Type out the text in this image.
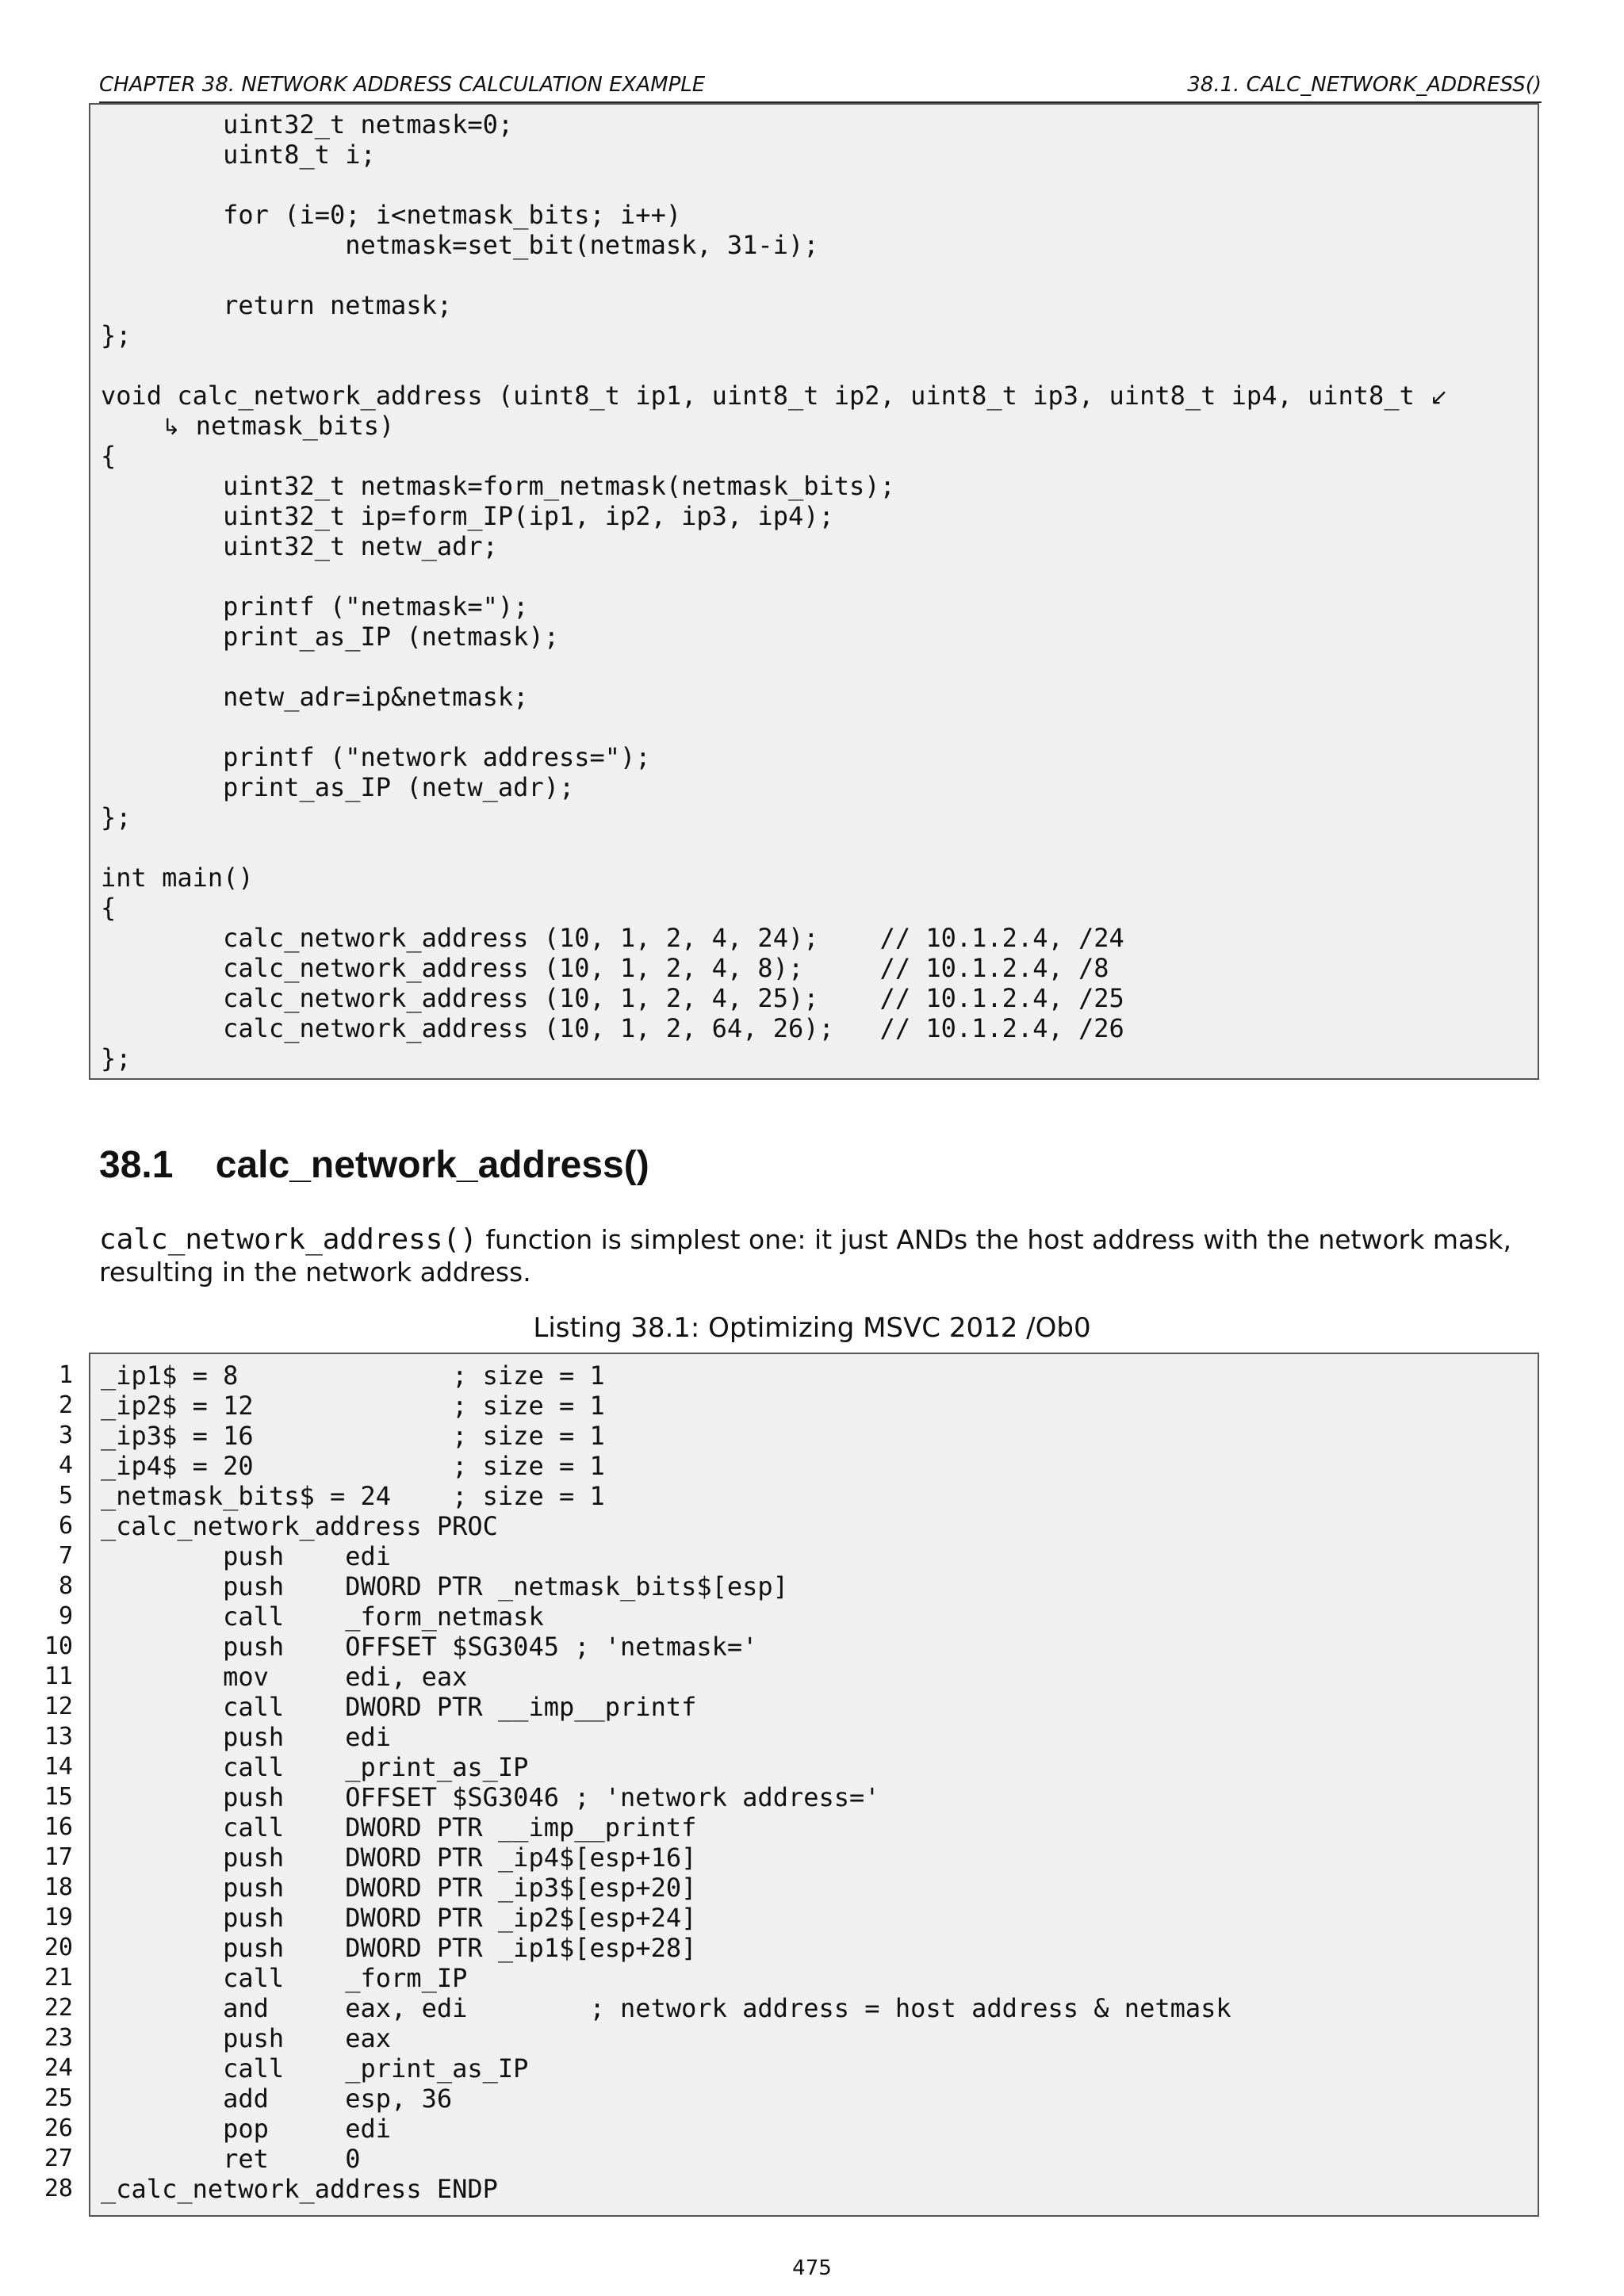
CHAPTER 38. NETWORK ADDRESS CALCULATION EXAMPLE	38.1. CALC_NETWORK_ADDRESS()
uint32_t netmask=0;
uint8_t i;
for (i=0; i<netmask_bits; i++)
netmask=set_bit(netmask, 31-i);
return netmask;
};
void calc_network_address (uint8_t ip1, uint8_t ip2, uint8_t ip3, uint8_t ip4, uint8_t ↙
↳ netmask_bits)
{
uint32_t netmask=form_netmask(netmask_bits);
uint32_t ip=form_IP(ip1, ip2, ip3, ip4);
uint32_t netw_adr;
printf ("netmask=");
print_as_IP (netmask);
netw_adr=ip&netmask;
printf ("network address=");
print_as_IP (netw_adr);
};
int main()
{
calc_network_address (10, 1, 2, 4, 24);    // 10.1.2.4, /24
calc_network_address (10, 1, 2, 4, 8);     // 10.1.2.4, /8
calc_network_address (10, 1, 2, 4, 25);    // 10.1.2.4, /25
calc_network_address (10, 1, 2, 64, 26);   // 10.1.2.4, /26
};
38.1 calc_network_address()
calc_network_address() function is simplest one: it just ANDs the host address with the network mask, resulting in the network address.
Listing 38.1: Optimizing MSVC 2012 /Ob0
1
2
3
4
5
6
7
8
9
10
11
12
13
14
15
16
17
18
19
20
21
22
23
24
25
26
27
28
_ip1$ = 8              ; size = 1
_ip2$ = 12             ; size = 1
_ip3$ = 16             ; size = 1
_ip4$ = 20             ; size = 1
_netmask_bits$ = 24    ; size = 1
_calc_network_address PROC
push    edi
push    DWORD PTR _netmask_bits$[esp]
call    _form_netmask
push    OFFSET $SG3045 ; 'netmask='
mov     edi, eax
call    DWORD PTR __imp__printf
push    edi
call    _print_as_IP
push    OFFSET $SG3046 ; 'network address='
call    DWORD PTR __imp__printf
push    DWORD PTR _ip4$[esp+16]
push    DWORD PTR _ip3$[esp+20]
push    DWORD PTR _ip2$[esp+24]
push    DWORD PTR _ip1$[esp+28]
call    _form_IP
and     eax, edi        ; network address = host address & netmask
push    eax
call    _print_as_IP
add     esp, 36
pop     edi
ret     0
_calc_network_address ENDP
475
